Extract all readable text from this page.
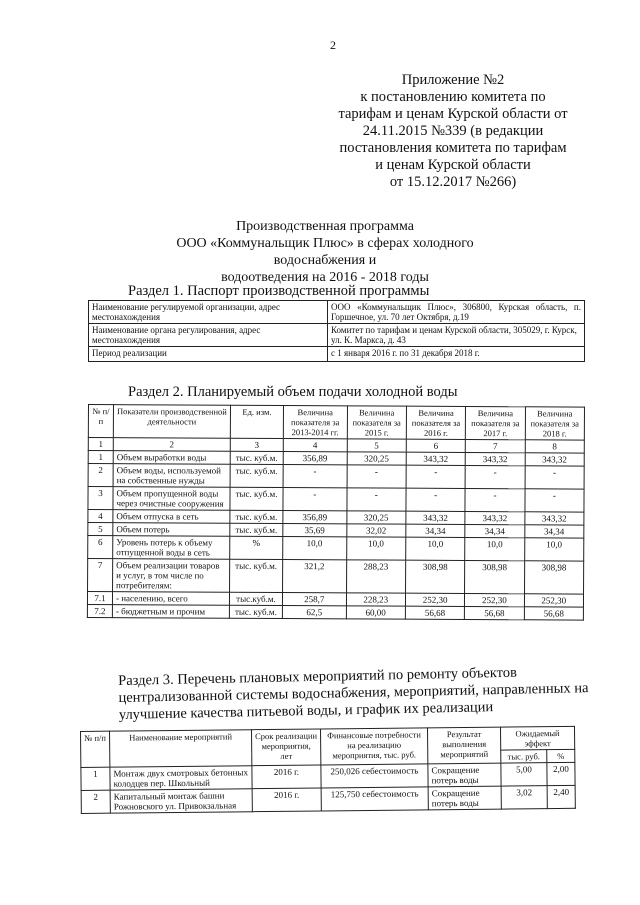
2
Приложение №2
к постановлению комитета по
тарифам и ценам Курской области от
24.11.2015 №339 (в редакции
постановления комитета по тарифам
и ценам Курской области
от 15.12.2017 №266)
Производственная программа
ООО «Коммунальщик Плюс» в сферах холодного водоснабжения и
водоотведения на 2016 - 2018 годы
Раздел 1. Паспорт производственной программы
Наименование регулируемой организации, адрес местонахождения	ООО «Коммунальщик Плюс», 306800, Курская область, п. Горшечное, ул. 70 лет Октября, д.19
Наименование органа регулирования, адрес местонахождения	Комитет по тарифам и ценам Курской области, 305029, г. Курск, ул. К. Маркса, д. 43
Период реализации	с 1 января 2016 г. по 31 декабря 2018 г.
Раздел 2. Планируемый объем подачи холодной воды
№ п/п	Показатели производственной деятельности	Ед. изм.	Величина показателя за 2013-2014 гг.	Величина показателя за 2015 г.	Величина показателя за 2016 г.	Величина показателя за 2017 г.	Величина показателя за 2018 г.
1	2	3	4	5	6	7	8
1	Объем выработки воды	тыс. куб.м.	356,89	320,25	343,32	343,32	343,32
2	Объем воды, используемой на собственные нужды	тыс. куб.м.	-	-	-	-	-
3	Объем пропущенной воды через очистные сооружения	тыс. куб.м.	-	-	-	-	-
4	Объем отпуска в сеть	тыс. куб.м.	356,89	320,25	343,32	343,32	343,32
5	Объем потерь	тыс. куб.м.	35,69	32,02	34,34	34,34	34,34
6	Уровень потерь к объему отпущенной воды в сеть	%	10,0	10,0	10,0	10,0	10,0
7	Объем реализации товаров и услуг, в том числе по потребителям:	тыс. куб.м.	321,2	288,23	308,98	308,98	308,98
7.1	- населению, всего	тыс.куб.м.	258,7	228,23	252,30	252,30	252,30
7.2	- бюджетным и прочим	тыс. куб.м.	62,5	60,00	56,68	56,68	56,68
Раздел 3. Перечень плановых мероприятий по ремонту объектов централизованной системы водоснабжения, мероприятий, направленных на улучшение качества питьевой воды, и график их реализации
№ п/п	Наименование мероприятий	Срок реализации мероприятия, лет	Финансовые потребности на реализацию мероприятия, тыс. руб.	Результат выполнения мероприятий	Ожидаемый эффект	
					тыс. руб.	%
1	Монтаж двух смотровых бетонных колодцев пер. Школьный	2016 г.	250,026 себестоимость	Сокращение потерь воды	5,00	2,00
2	Капитальный монтаж башни Рожновского ул. Привокзальная	2016 г.	125,750 себестоимость	Сокращение потерь воды	3,02	2,40
